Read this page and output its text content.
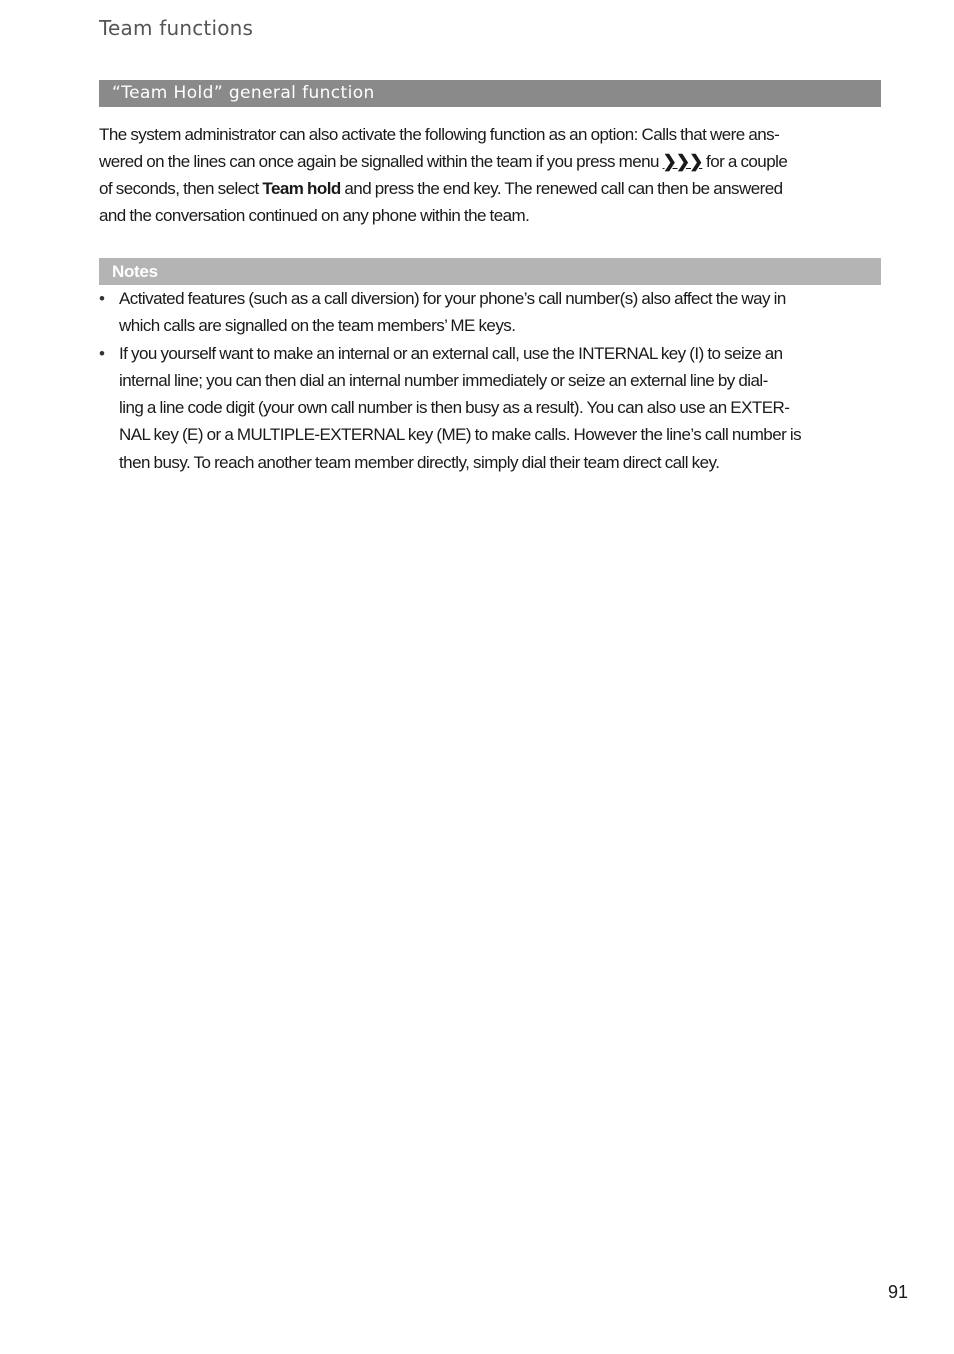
Team functions
“Team Hold” general function

The system administrator can also activate the following function as an option: Calls that were ans-
wered on the lines can once again be signalled within the team if you press menu ❯❯❯ for a couple
of seconds, then select Team hold and press the end key. The renewed call can then be answered
and the conversation continued on any phone within the team.

Notes
• Activated features (such as a call diversion) for your phone’s call number(s) also affect the way in
which calls are signalled on the team members’ ME keys.
• If you yourself want to make an internal or an external call, use the INTERNAL key (I) to seize an
internal line; you can then dial an internal number immediately or seize an external line by dial-
ling a line code digit (your own call number is then busy as a result). You can also use an EXTER-
NAL key (E) or a MULTIPLE-EXTERNAL key (ME) to make calls. However the line’s call number is
then busy. To reach another team member directly, simply dial their team direct call key.
91
